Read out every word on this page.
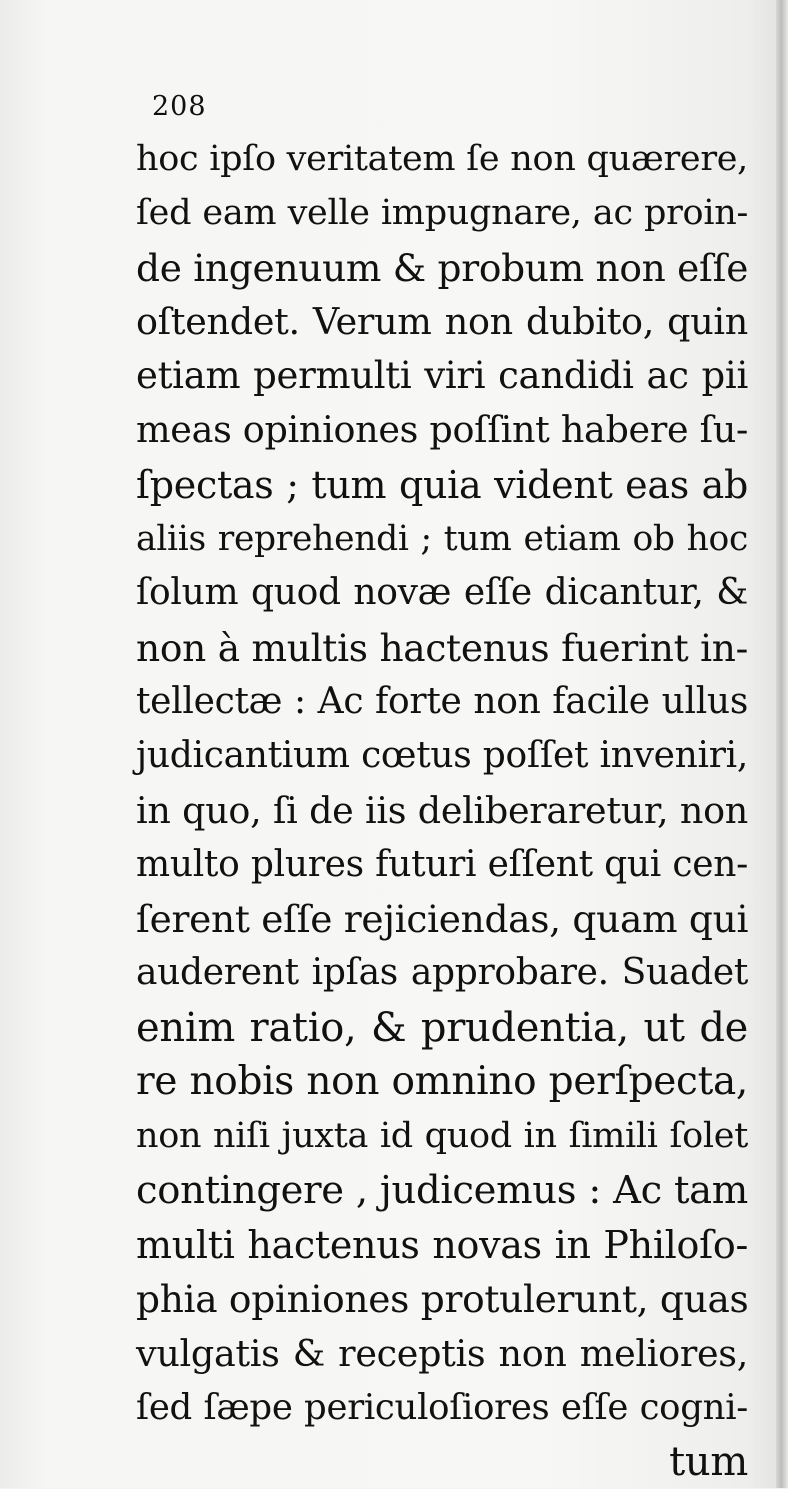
208
hoc ipſo veritatem ſe non quærere,
ſed eam velle impugnare, ac proin-
de ingenuum & probum non eſſe
oſtendet. Verum non dubito, quin
etiam permulti viri candidi ac pii
meas opiniones poſſint habere ſu-
ſpectas ; tum quia vident eas ab
aliis reprehendi ; tum etiam ob hoc
ſolum quod novæ eſſe dicantur, &
non à multis hactenus fuerint in-
tellectæ : Ac forte non facile ullus
judicantium cœtus poſſet inveniri,
in quo, ſi de iis deliberaretur, non
multo plures futuri eſſent qui cen-
ſerent eſſe rejiciendas, quam qui
auderent ipſas approbare. Suadet
enim ratio, & prudentia, ut de
re nobis non omnino perſpecta,
non niſi juxta id quod in ſimili ſolet
contingere , judicemus : Ac tam
multi hactenus novas in Philoſo-
phia opiniones protulerunt, quas
vulgatis & receptis non meliores,
ſed ſæpe periculoſiores eſſe cogni-
tum
